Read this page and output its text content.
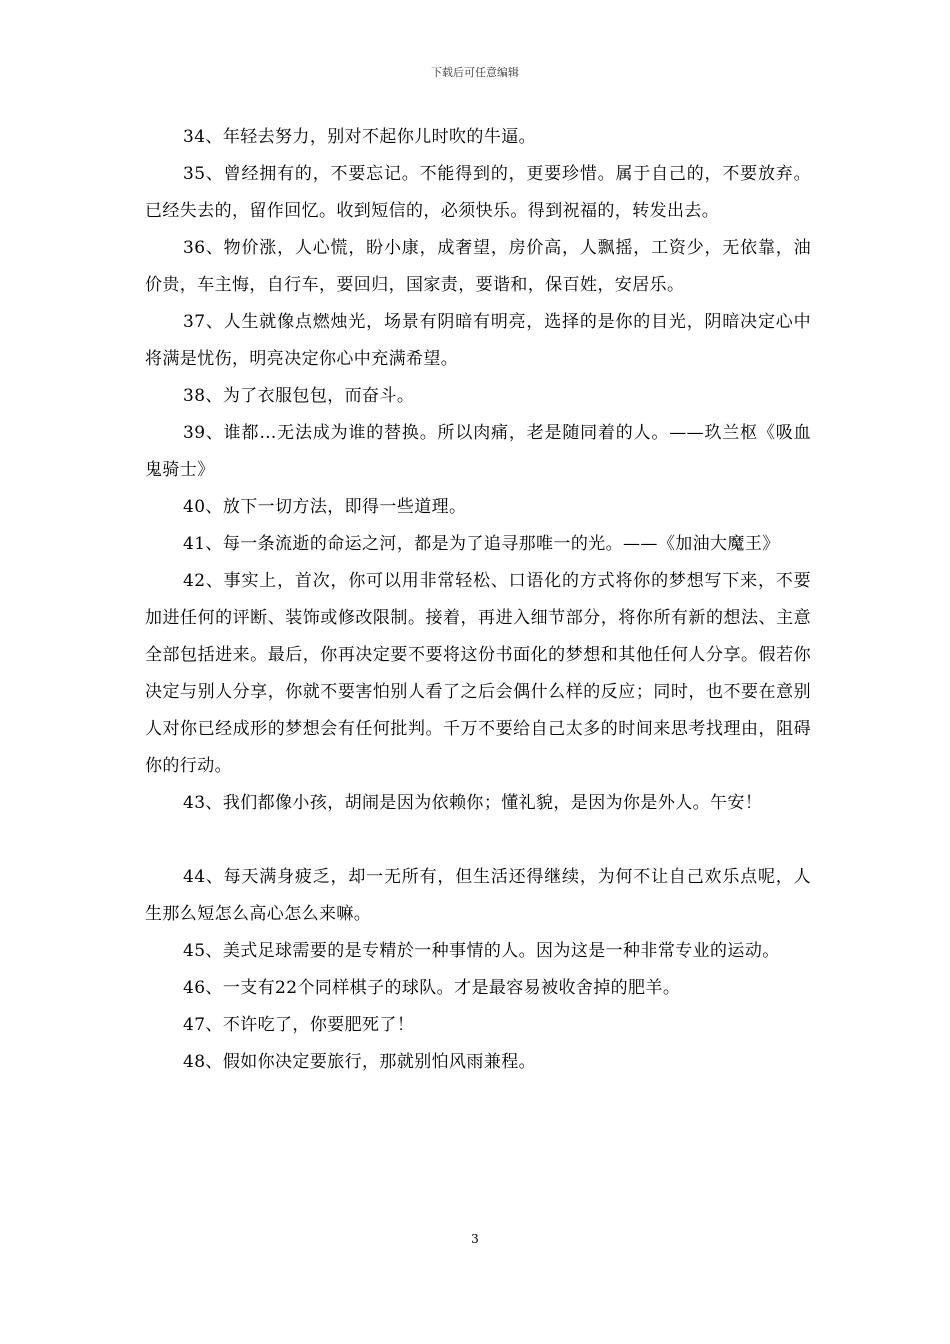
下载后可任意编辑

34、年轻去努力，别对不起你儿时吹的牛逼。

35、曾经拥有的，不要忘记。不能得到的，更要珍惜。属于自己的，不要放弃。已经失去的，留作回忆。收到短信的，必须快乐。得到祝福的，转发出去。

36、物价涨，人心慌，盼小康，成奢望，房价高，人飘摇，工资少，无依靠，油价贵，车主悔，自行车，要回归，国家责，要谐和，保百姓，安居乐。

37、人生就像点燃烛光，场景有阴暗有明亮，选择的是你的目光，阴暗决定心中将满是忧伤，明亮决定你心中充满希望。

38、为了衣服包包，而奋斗。

39、谁都…无法成为谁的替换。所以肉痛，老是随同着的人。——玖兰枢《吸血鬼骑士》

40、放下一切方法，即得一些道理。

41、每一条流逝的命运之河，都是为了追寻那唯一的光。——《加油大魔王》

42、事实上，首次，你可以用非常轻松、口语化的方式将你的梦想写下来，不要加进任何的评断、装饰或修改限制。接着，再进入细节部分，将你所有新的想法、主意全部包括进来。最后，你再决定要不要将这份书面化的梦想和其他任何人分享。假若你决定与别人分享，你就不要害怕别人看了之后会偶什么样的反应；同时，也不要在意别人对你已经成形的梦想会有任何批判。千万不要给自己太多的时间来思考找理由，阻碍你的行动。

43、我们都像小孩，胡闹是因为依赖你；懂礼貌，是因为你是外人。午安！

44、每天满身疲乏，却一无所有，但生活还得继续，为何不让自己欢乐点呢，人生那么短怎么高心怎么来嘛。

45、美式足球需要的是专精於一种事情的人。因为这是一种非常专业的运动。

46、一支有22个同样棋子的球队。才是最容易被收舍掉的肥羊。

47、不许吃了，你要肥死了！

48、假如你决定要旅行，那就别怕风雨兼程。

3
